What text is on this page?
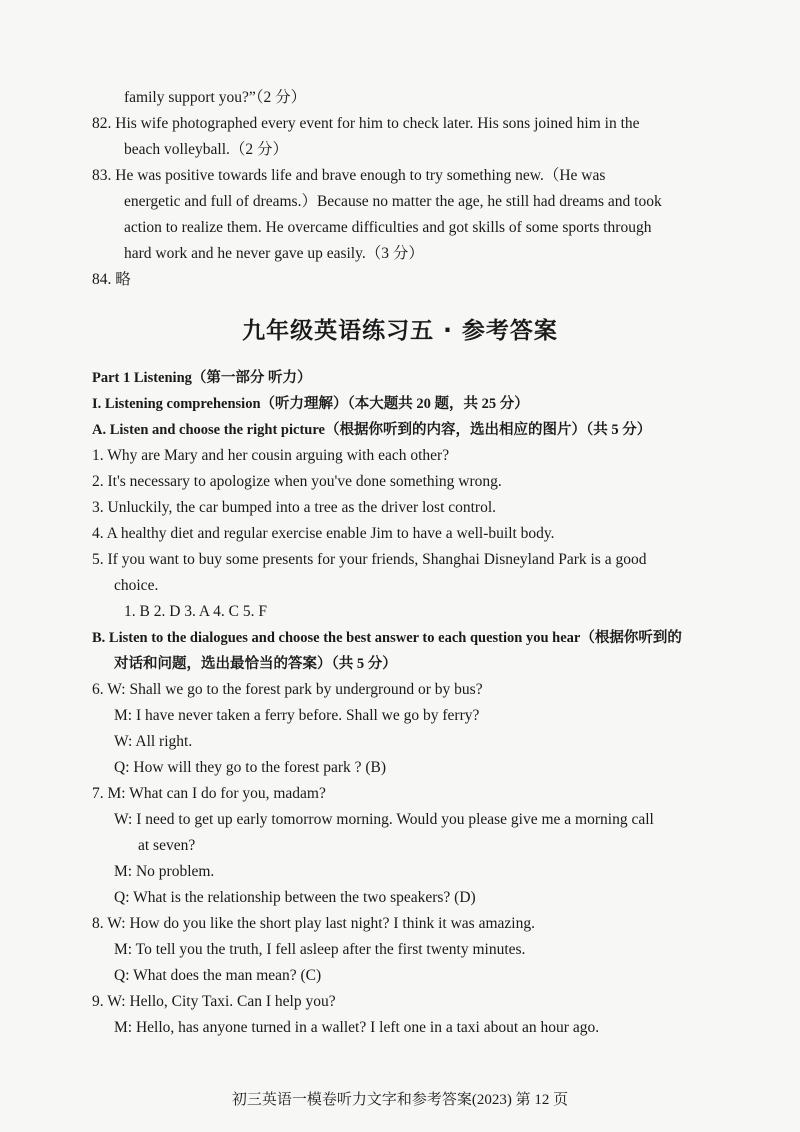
family support you?”（2 分）
82. His wife photographed every event for him to check later. His sons joined him in the
beach volleyball.（2 分）
83. He was positive towards life and brave enough to try something new.（He was
energetic and full of dreams.）Because no matter the age, he still had dreams and took
action to realize them. He overcame difficulties and got skills of some sports through
hard work and he never gave up easily.（3 分）
84. 略
九年级英语练习五 · 参考答案
Part 1 Listening（第一部分 听力）
I. Listening comprehension（听力理解）（本大题共 20 题，共 25 分）
A. Listen and choose the right picture（根据你听到的内容，选出相应的图片）（共 5 分）
1. Why are Mary and her cousin arguing with each other?
2. It's necessary to apologize when you've done something wrong.
3. Unluckily, the car bumped into a tree as the driver lost control.
4. A healthy diet and regular exercise enable Jim to have a well-built body.
5. If you want to buy some presents for your friends, Shanghai Disneyland Park is a good
choice.
1. B 2. D 3. A 4. C 5. F
B. Listen to the dialogues and choose the best answer to each question you hear（根据你听到的
对话和问题，选出最恰当的答案）（共 5 分）
6. W: Shall we go to the forest park by underground or by bus?
M: I have never taken a ferry before. Shall we go by ferry?
W: All right.
Q: How will they go to the forest park ? (B)
7. M: What can I do for you, madam?
W: I need to get up early tomorrow morning. Would you please give me a morning call
at seven?
M: No problem.
Q: What is the relationship between the two speakers? (D)
8. W: How do you like the short play last night? I think it was amazing.
M: To tell you the truth, I fell asleep after the first twenty minutes.
Q: What does the man mean? (C)
9. W: Hello, City Taxi. Can I help you?
M: Hello, has anyone turned in a wallet? I left one in a taxi about an hour ago.
初三英语一模卷听力文字和参考答案(2023) 第 12 页
